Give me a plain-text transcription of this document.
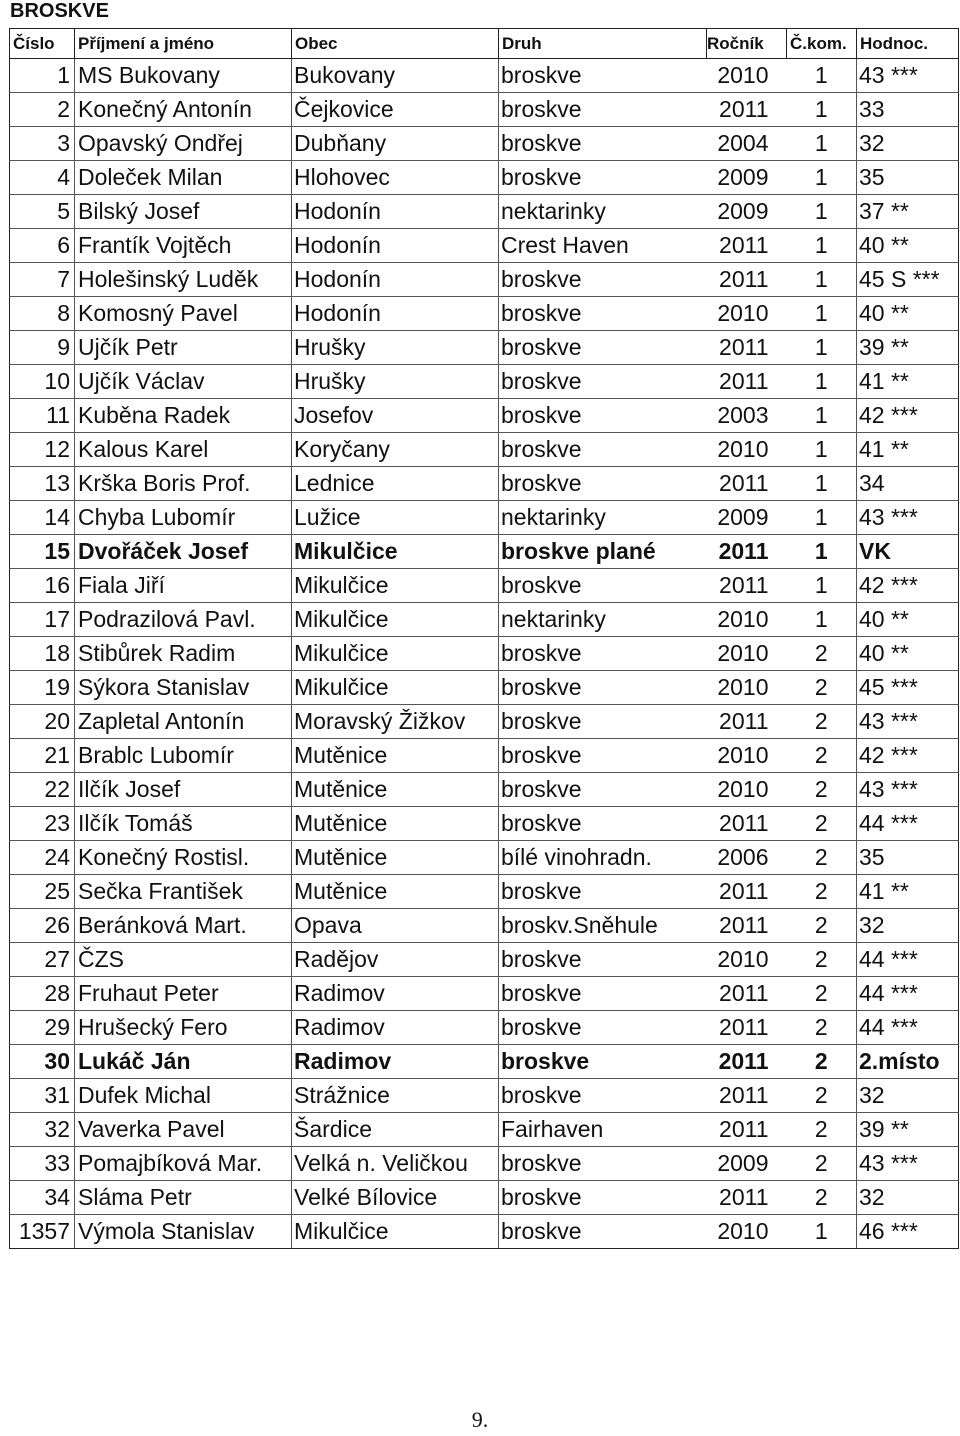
BROSKVE
Číslo	Příjmení a jméno	Obec	Druh	Ročník	Č.kom.	Hodnoc.
1	MS Bukovany	Bukovany	broskve	2010	1	43 ***
2	Konečný Antonín	Čejkovice	broskve	2011	1	33
3	Opavský Ondřej	Dubňany	broskve	2004	1	32
4	Doleček Milan	Hlohovec	broskve	2009	1	35
5	Bilský Josef	Hodonín	nektarinky	2009	1	37 **
6	Frantík Vojtěch	Hodonín	Crest Haven	2011	1	40 **
7	Holešinský Luděk	Hodonín	broskve	2011	1	45 S ***
8	Komosný Pavel	Hodonín	broskve	2010	1	40 **
9	Ujčík Petr	Hrušky	broskve	2011	1	39 **
10	Ujčík Václav	Hrušky	broskve	2011	1	41 **
11	Kuběna Radek	Josefov	broskve	2003	1	42 ***
12	Kalous Karel	Koryčany	broskve	2010	1	41 **
13	Krška Boris Prof.	Lednice	broskve	2011	1	34
14	Chyba Lubomír	Lužice	nektarinky	2009	1	43 ***
15	Dvořáček Josef	Mikulčice	broskve plané	2011	1	VK
16	Fiala Jiří	Mikulčice	broskve	2011	1	42 ***
17	Podrazilová Pavl.	Mikulčice	nektarinky	2010	1	40 **
18	Stibůrek Radim	Mikulčice	broskve	2010	2	40 **
19	Sýkora Stanislav	Mikulčice	broskve	2010	2	45 ***
20	Zapletal Antonín	Moravský Žižkov	broskve	2011	2	43 ***
21	Brablc Lubomír	Mutěnice	broskve	2010	2	42 ***
22	Ilčík Josef	Mutěnice	broskve	2010	2	43 ***
23	Ilčík Tomáš	Mutěnice	broskve	2011	2	44 ***
24	Konečný Rostisl.	Mutěnice	bílé vinohradn.	2006	2	35
25	Sečka František	Mutěnice	broskve	2011	2	41 **
26	Beránková Mart.	Opava	broskv.Sněhule	2011	2	32
27	ČZS	Radějov	broskve	2010	2	44 ***
28	Fruhaut Peter	Radimov	broskve	2011	2	44 ***
29	Hrušecký Fero	Radimov	broskve	2011	2	44 ***
30	Lukáč Ján	Radimov	broskve	2011	2	2.místo
31	Dufek Michal	Strážnice	broskve	2011	2	32
32	Vaverka Pavel	Šardice	Fairhaven	2011	2	39 **
33	Pomajbíková Mar.	Velká n. Veličkou	broskve	2009	2	43 ***
34	Sláma Petr	Velké Bílovice	broskve	2011	2	32
1357	Výmola Stanislav	Mikulčice	broskve	2010	1	46 ***
9.
